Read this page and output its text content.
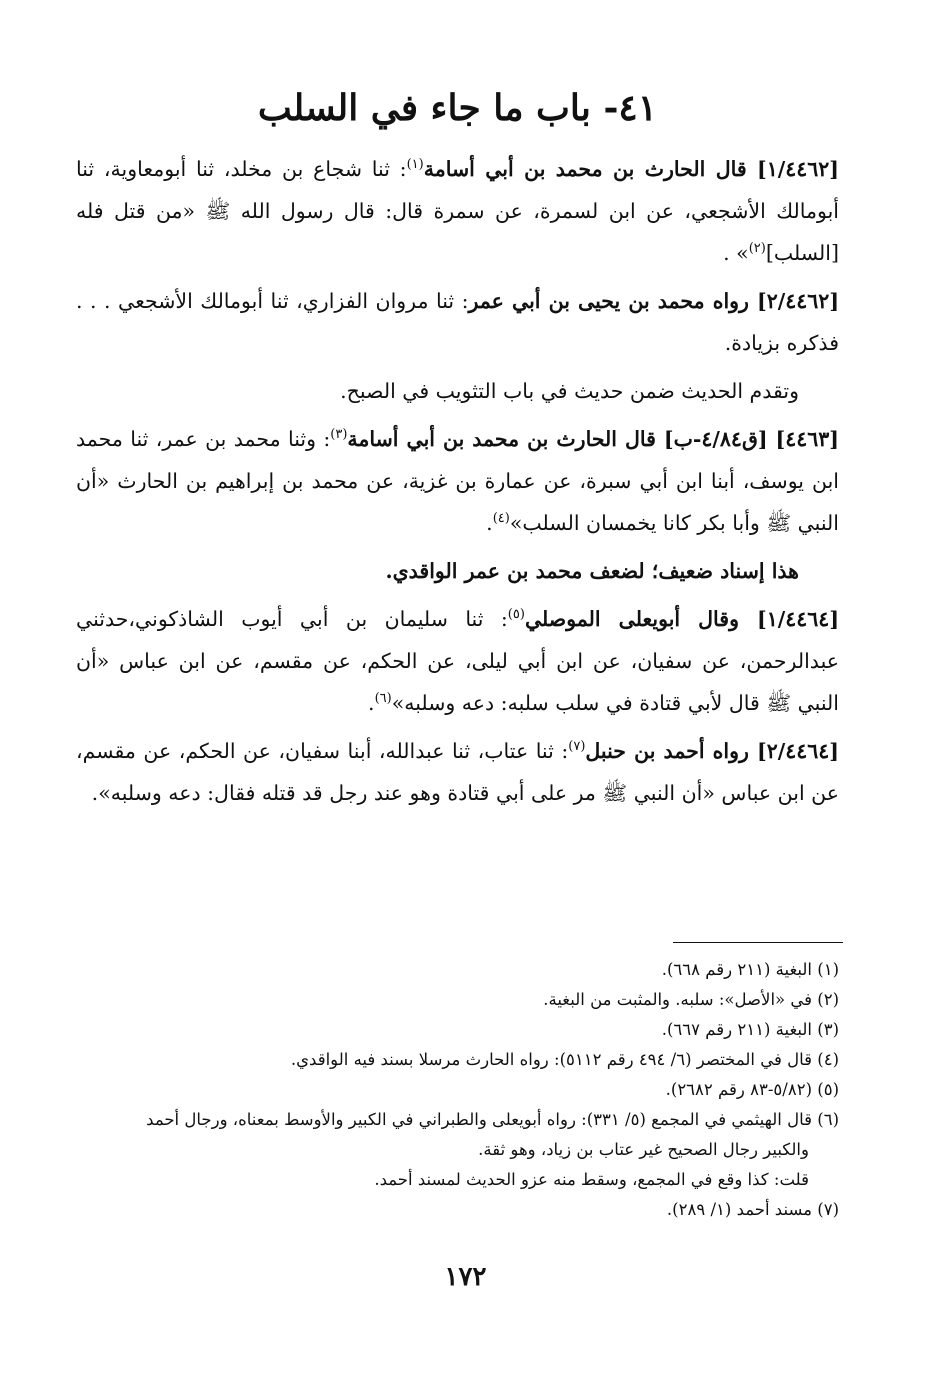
٤١- باب ما جاء في السلب

[١/٤٤٦٢] قال الحارث بن محمد بن أبي أسامة$^{(١)}$: ثنا شجاع بن مخلد، ثنا أبومعاوية، ثنا أبومالك الأشجعي، عن ابن لسمرة، عن سمرة قال: قال رسول الله ﷺ «من قتل فله [السلب]$^{(٢)}$» .

[٢/٤٤٦٢] رواه محمد بن يحيى بن أبي عمر: ثنا مروان الفزاري، ثنا أبومالك الأشجعي . . . فذكره بزيادة.

وتقدم الحديث ضمن حديث في باب التثويب في الصبح.

[٤٤٦٣] [ق٤/٨٤-ب] قال الحارث بن محمد بن أبي أسامة$^{(٣)}$: وثنا محمد بن عمر، ثنا محمد ابن يوسف، أبنا ابن أبي سبرة، عن عمارة بن غزية، عن محمد بن إبراهيم بن الحارث «أن النبي ﷺ وأبا بكر كانا يخمسان السلب»$^{(٤)}$.

هذا إسناد ضعيف؛ لضعف محمد بن عمر الواقدي.

[١/٤٤٦٤] وقال أبويعلى الموصلي$^{(٥)}$: ثنا سليمان بن أبي أيوب الشاذكوني،حدثني عبدالرحمن، عن سفيان، عن ابن أبي ليلى، عن الحكم، عن مقسم، عن ابن عباس «أن النبي ﷺ قال لأبي قتادة في سلب سلبه: دعه وسلبه»$^{(٦)}$.

[٢/٤٤٦٤] رواه أحمد بن حنبل$^{(٧)}$: ثنا عتاب، ثنا عبدالله، أبنا سفيان، عن الحكم، عن مقسم، عن ابن عباس «أن النبي ﷺ مر على أبي قتادة وهو عند رجل قد قتله فقال: دعه وسلبه».

(١) البغية (٢١١ رقم ٦٦٨).

(٢) في «الأصل»: سلبه. والمثبت من البغية.

(٣) البغية (٢١١ رقم ٦٦٧).

(٤) قال في المختصر (٦/ ٤٩٤ رقم ٥١١٢): رواه الحارث مرسلا بسند فيه الواقدي.

(٥) (٥/٨٢-٨٣ رقم ٢٦٨٢).

(٦) قال الهيثمي في المجمع (٥/ ٣٣١): رواه أبويعلى والطبراني في الكبير والأوسط بمعناه، ورجال أحمد

والكبير رجال الصحيح غير عتاب بن زياد، وهو ثقة.

قلت: كذا وقع في المجمع، وسقط منه عزو الحديث لمسند أحمد.

(٧) مسند أحمد (١/ ٢٨٩).

١٧٢
